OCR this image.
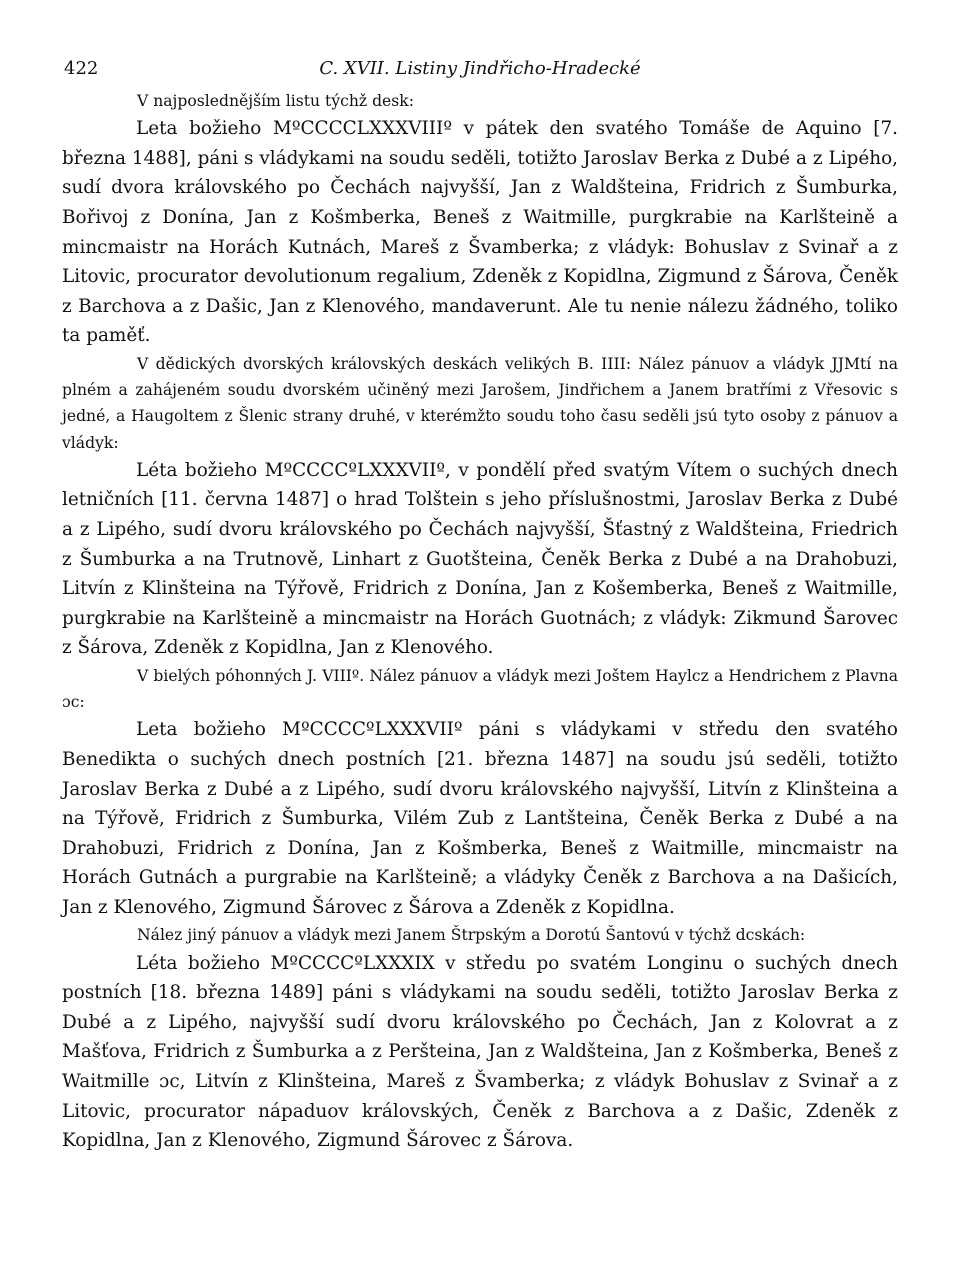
422	C. XVII. Listiny Jindřicho-Hradecké

V najposlednějším listu týchž desk:

Leta božieho MºCCCCLXXXVIIIº v pátek den svatého Tomáše de Aquino [7. března 1488], páni s vládykami na soudu seděli, totižto Jaroslav Berka z Dubé a z Lipého, sudí dvora královského po Čechách najvyšší, Jan z Waldšteina, Fridrich z Šumburka, Bořivoj z Donína, Jan z Košmberka, Beneš z Waitmille, purgkrabie na Karlšteině a mincmaistr na Horách Kutnách, Mareš z Švamberka; z vládyk: Bohuslav z Svinař a z Litovic, procurator devolutionum regalium, Zdeněk z Kopidlna, Zigmund z Šárova, Čeněk z Barchova a z Dašic, Jan z Klenového, mandaverunt. Ale tu nenie nálezu žádného, toliko ta paměť.

V dědických dvorských královských deskách velikých B. IIII: Nález pánuov a vládyk JJMtí na plném a zahájeném soudu dvorském učiněný mezi Jarošem, Jindřichem a Janem bratřími z Vřesovic s jedné, a Haugoltem z Šlenic strany druhé, v kterémžto soudu toho času seděli jsú tyto osoby z pánuov a vládyk:

Léta božieho MºCCCCºLXXXVIIº, v pondělí před svatým Vítem o suchých dnech letničních [11. června 1487] o hrad Tolštein s jeho příslušnostmi, Jaroslav Berka z Dubé a z Lipého, sudí dvoru královského po Čechách najvyšší, Šťastný z Waldšteina, Friedrich z Šumburka a na Trutnově, Linhart z Guotšteina, Čeněk Berka z Dubé a na Drahobuzi, Litvín z Klinšteina na Týřově, Fridrich z Donína, Jan z Košemberka, Beneš z Waitmille, purgkrabie na Karlšteině a mincmaistr na Horách Guotnách; z vládyk: Zikmund Šarovec z Šárova, Zdeněk z Kopidlna, Jan z Klenového.

V bielých póhonných J. VIIIº. Nález pánuov a vládyk mezi Joštem Haylcz a Hendrichem z Plavna ɔc:

Leta božieho MºCCCCºLXXXVIIº páni s vládykami v středu den svatého Benedikta o suchých dnech postních [21. března 1487] na soudu jsú seděli, totižto Jaroslav Berka z Dubé a z Lipého, sudí dvoru královského najvyšší, Litvín z Klinšteina a na Týřově, Fridrich z Šumburka, Vilém Zub z Lantšteina, Čeněk Berka z Dubé a na Drahobuzi, Fridrich z Donína, Jan z Košmberka, Beneš z Waitmille, mincmaistr na Horách Gutnách a purgrabie na Karlšteině; a vládyky Čeněk z Barchova a na Dašicích, Jan z Klenového, Zigmund Šárovec z Šárova a Zdeněk z Kopidlna.

Nález jiný pánuov a vládyk mezi Janem Štrpským a Dorotú Šantovú v týchž dcskách:

Léta božieho MºCCCCºLXXXIX v středu po svatém Longinu o suchých dnech postních [18. března 1489] páni s vládykami na soudu seděli, totižto Jaroslav Berka z Dubé a z Lipého, najvyšší sudí dvoru královského po Čechách, Jan z Kolovrat a z Mašťova, Fridrich z Šumburka a z Peršteina, Jan z Waldšteina, Jan z Košmberka, Beneš z Waitmille ɔc, Litvín z Klinšteina, Mareš z Švamberka; z vládyk Bohuslav z Svinař a z Litovic, procurator nápaduov královských, Čeněk z Barchova a z Dašic, Zdeněk z Kopidlna, Jan z Klenového, Zigmund Šárovec z Šárova.
